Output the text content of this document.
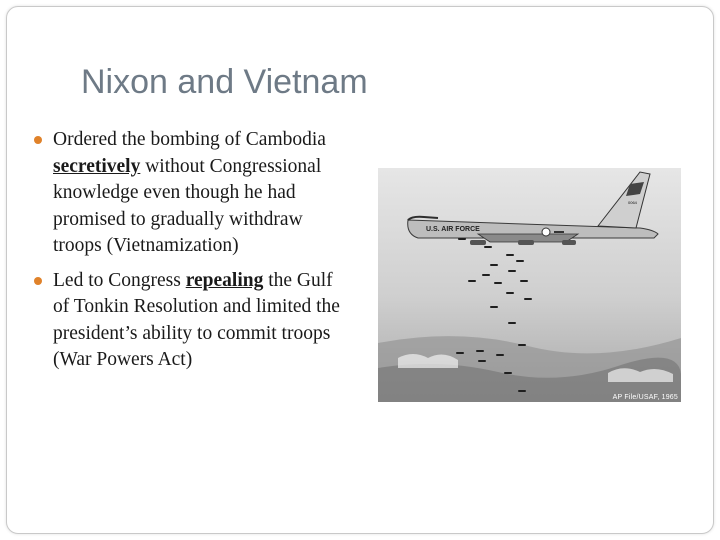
Nixon and Vietnam
Ordered the bombing of Cambodia secretively without Congressional knowledge even though he had promised to gradually withdraw troops (Vietnamization)
Led to Congress repealing the Gulf of Tonkin Resolution and limited the president’s ability to commit troops (War Powers Act)
U.S. AIR FORCE
0064
AP File/USAF, 1965
